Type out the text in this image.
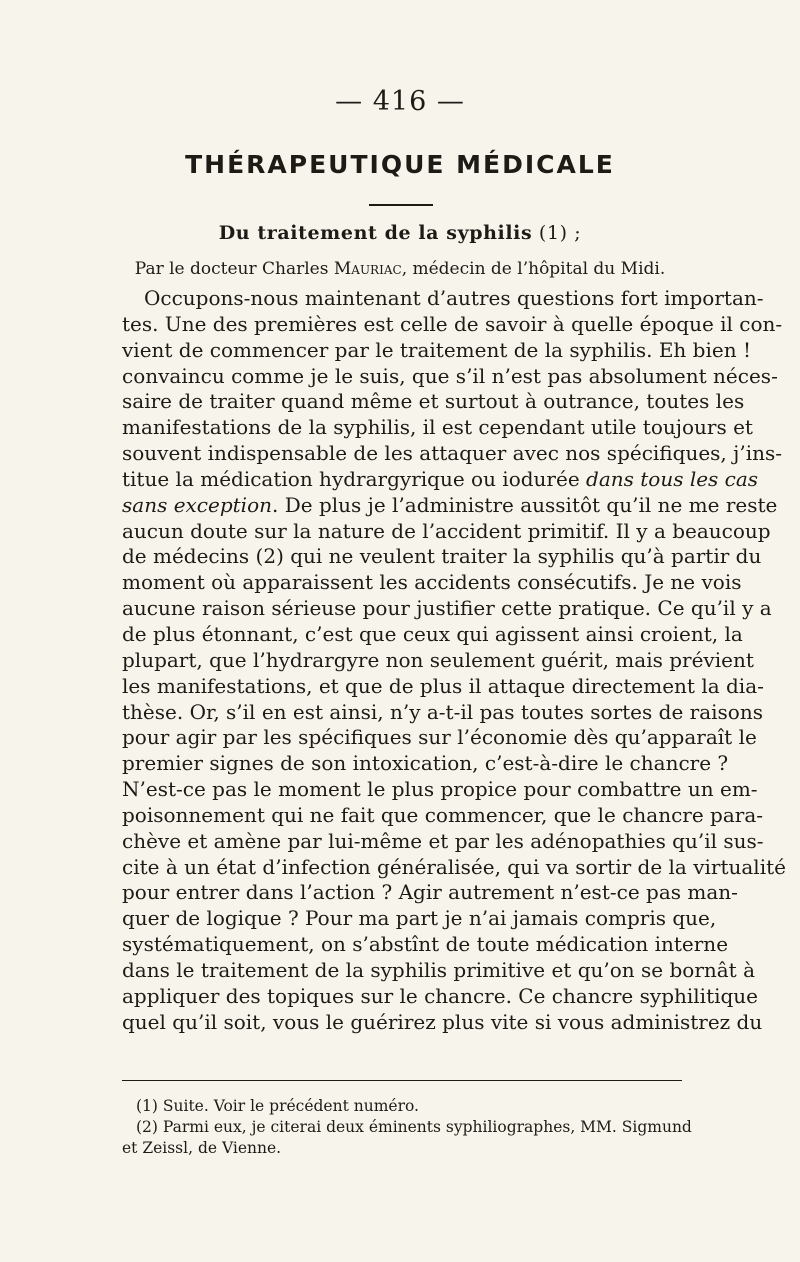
— 416 —
THÉRAPEUTIQUE MÉDICALE
Du traitement de la syphilis (1) ;
Par le docteur Charles Mauriac, médecin de l’hôpital du Midi.
Occupons-nous maintenant d’autres questions fort importan-
tes. Une des premières est celle de savoir à quelle époque il con-
vient de commencer par le traitement de la syphilis. Eh bien !
convaincu comme je le suis, que s’il n’est pas absolument néces-
saire de traiter quand même et surtout à outrance, toutes les
manifestations de la syphilis, il est cependant utile toujours et
souvent indispensable de les attaquer avec nos spécifiques, j’ins-
titue la médication hydrargyrique ou iodurée dans tous les cas
sans exception. De plus je l’administre aussitôt qu’il ne me reste
aucun doute sur la nature de l’accident primitif. Il y a beaucoup
de médecins (2) qui ne veulent traiter la syphilis qu’à partir du
moment où apparaissent les accidents consécutifs. Je ne vois
aucune raison sérieuse pour justifier cette pratique. Ce qu’il y a
de plus étonnant, c’est que ceux qui agissent ainsi croient, la
plupart, que l’hydrargyre non seulement guérit, mais prévient
les manifestations, et que de plus il attaque directement la dia-
thèse. Or, s’il en est ainsi, n’y a-t-il pas toutes sortes de raisons
pour agir par les spécifiques sur l’économie dès qu’apparaît le
premier signes de son intoxication, c’est-à-dire le chancre ?
N’est-ce pas le moment le plus propice pour combattre un em-
poisonnement qui ne fait que commencer, que le chancre para-
chève et amène par lui-même et par les adénopathies qu’il sus-
cite à un état d’infection généralisée, qui va sortir de la virtualité
pour entrer dans l’action ? Agir autrement n’est-ce pas man-
quer de logique ? Pour ma part je n’ai jamais compris que,
systématiquement, on s’abstînt de toute médication interne
dans le traitement de la syphilis primitive et qu’on se bornât à
appliquer des topiques sur le chancre. Ce chancre syphilitique
quel qu’il soit, vous le guérirez plus vite si vous administrez du
(1) Suite. Voir le précédent numéro.
(2) Parmi eux, je citerai deux éminents syphiliographes, MM. Sigmund
et Zeissl, de Vienne.
